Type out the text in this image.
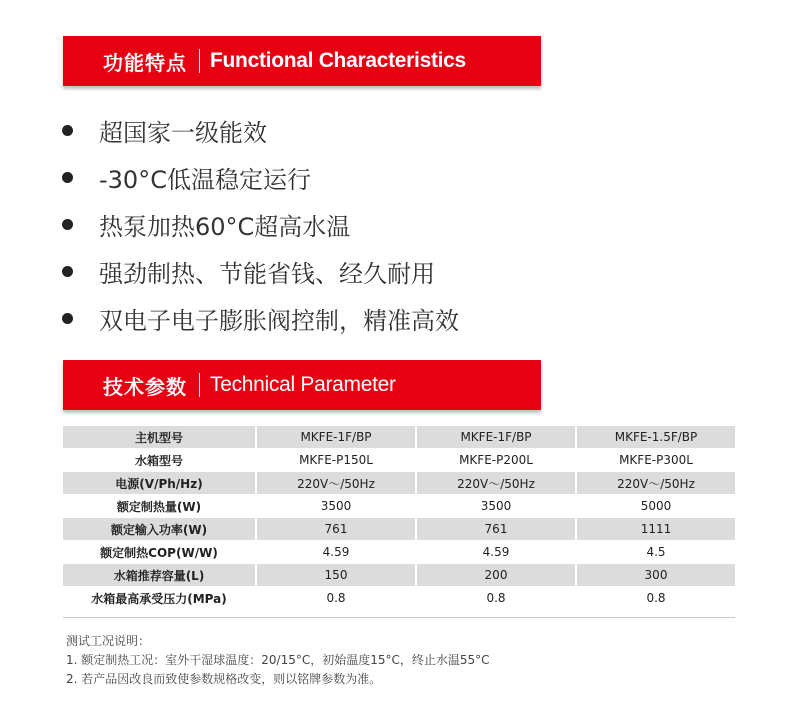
功能特点 Functional Characteristics
超国家一级能效
-30°C低温稳定运行
热泵加热60°C超高水温
强劲制热、节能省钱、经久耐用
双电子电子膨胀阀控制，精准高效
技术参数 Technical Parameter
主机型号	MKFE-1F/BP	MKFE-1F/BP	MKFE-1.5F/BP
水箱型号	MKFE-P150L	MKFE-P200L	MKFE-P300L
电源(V/Ph/Hz)	220V～/50Hz	220V～/50Hz	220V～/50Hz
额定制热量(W)	3500	3500	5000
额定输入功率(W)	761	761	1111
额定制热COP(W/W)	4.59	4.59	4.5
水箱推荐容量(L)	150	200	300
水箱最高承受压力(MPa)	0.8	0.8	0.8
测试工况说明：
1. 额定制热工况：室外干湿球温度：20/15°C，初始温度15°C，终止水温55°C
2. 若产品因改良而致使参数规格改变，则以铭牌参数为准。
